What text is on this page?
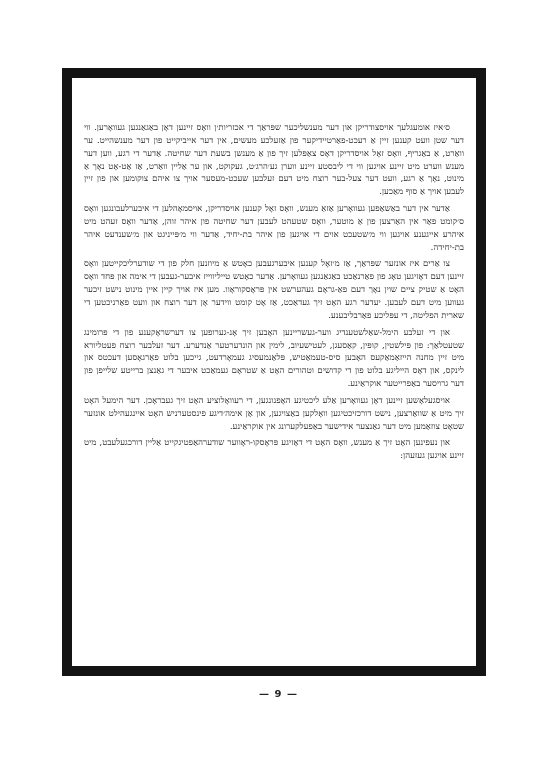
ס׳איז אומעגלעך אויסצודריקן און דער מענשליכער שפּראַך די אכזריות׳ן וואָס זיינען דאָן באַגאַנגען געוואָרען. ווי דער שטן וועט קענען זיין אַ רעכט-פאַרטיידיקער פון אַזעלכע מעשים, אין דער אייביקייט פון דער מענשהייט. ער וואַרט, אַ באַגריף, וואָס זאָל אויסדריקן דאָס צאַפּלען זיך פון אַ מענשן בשעת דער שחיטה. אַדער די רגע, ווען דער מענש ווערט מיט זיינע אויגען ווי די ליבסטע זיינע ווערן גע׳הרג׳ט, געקוקט, און ער אַליין וואַרט, אַז אַט-אָט נאָך אַ מינוט, נאָך אַ רגע, וועט דער צעל-בער רוצח מיט דעם זעלבען שעכט-מעסער אויך צו איהם צוקומען און פון זיין לעבען אויך אַ סוף מאַכען.

אַדער אין דער באַשאַפען געוואָרען אַזאַ מענש, וואָס זאָל קענען אויסדריקן, אויסמאָהלען די איבערלעבונגען וואָס ס׳קומט פאַר אין האַרצען פון אַ מוטער, וואָס שטעהט לעבען דער שחיטה פון איהר זוהן, אַדער וואָס זעהט מיט איהרע אייגענע אויגען ווי מ׳שטעכט אוים די אויגען פון איהר בת-יחיד, אַדער ווי מ׳פּייניגט און מ׳שענדעט איהר בת-יחידה.

צו אַרים איז אונזער שפּראַך, אַז מ׳זאָל קענען איבערגעבען כאָטש אַ מיוזנען חלק פון די שודערליכקייטען וואָס זיינען דעם דאָזיגען טאָג פון פאַרנאַכט באַגאַנגען געוואָרען. אַדער כאָטש טייליווייז איבער-געבען די אימה און פּחד וואָס האָט אַ שטיק ציים שוין נאָך דעם פאַ-גראָם געהערשט אין פּראָסקוראָוו. מען איז אויך קיין איין מינוט נישט זיכער געווען מיט דעם לעבען. יעדער רגע האָט זיך געדאַכט, אַז אָט קומט ווידער אָן דער רוצח און וועט פאַרניכטען די שארית הפליטה, די עפּליכע פאַרבליבענע.

און די זעלבע הימל-שאַלשטענדיג ווער-געשריינען האָבען זיך אָנ-גערופען צו דערשראָקענע פון די פּרומינג שטעטלאַך: פון פּילשטין, קופּין, קאַסעגן, לעטישעיוב, לימין און הונדערטער אַנדערע. דער זעלבער רוצח פעטליורא מיט זיין מחנה הייזאַמאַקעס האָבען סיס-טעמאַטיש, פּלאַנמעסיג געמאָרדעט, גייכען בלוט פאַרגאָסען דעכטס און לינקס, און דאָס הייליגע בלוט פון די קדושים וטהורים האָט אַ שטראָם געמאַכט איבער די גאַנצן ברייטע שלייפן פון דער גרויסער באַפרייטער אוקראַינע.

אויסגעלאָשען זיינען דאָן געוואָרען אַלע ליכטיגע האָפנונגען, די רעוואָלוציע האָט זיך געבראָכן. דער הימעל האָט זיך מיט אַ שוואַרצען, נישט דורכזיכטיגען וואָלקען באַצויגען, און אַן אימה׳דיגע פינסטערניש האָט איינגעהילט אונזער שטאָט צוזאַמען מיט דער גאַנצער אידישער באַפעלקערונג אין אוקראַינע.

און נעפינען האָט זיך אַ מענש, וואָס האָט די דאָזיגע פּראָסקו-ראָווער שודערהאַפטיגקייט אַליין דורכגעלעבט, מיט זיינע אויגען געזעהן:

— 9 —
